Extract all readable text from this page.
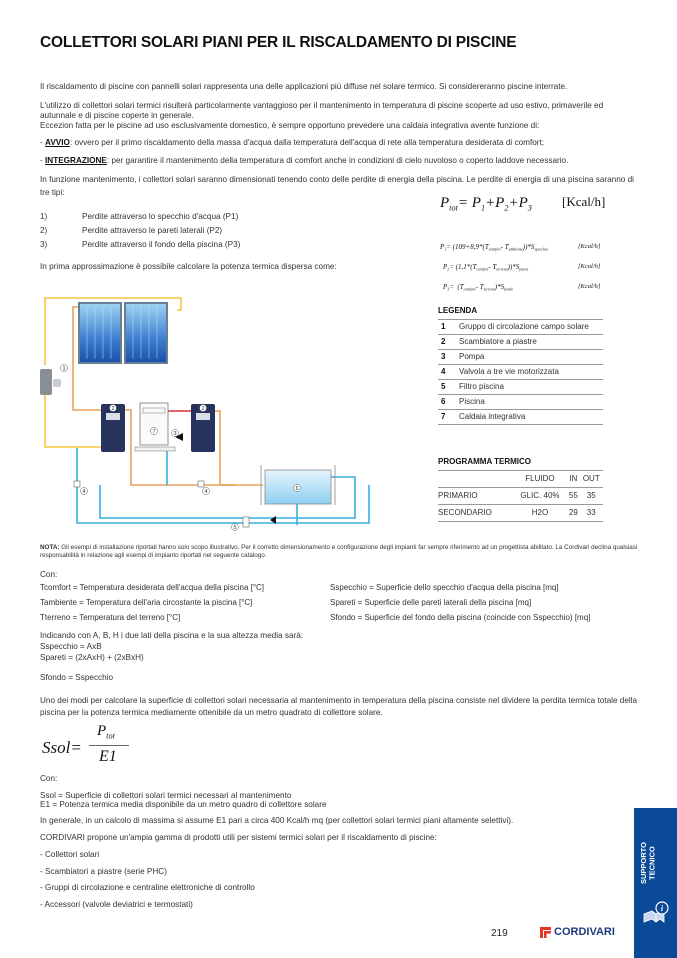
COLLETTORI SOLARI PIANI PER IL RISCALDAMENTO DI PISCINE
Il riscaldamento di piscine con pannelli solari rappresenta una delle applicazioni più diffuse nel solare termico. Si considereranno piscine interrate.
L'utilizzo di collettori solari termici risulterà particolarmente vantaggioso per il mantenimento in temperatura di piscine scoperte ad uso estivo, primaverile ed autunnale e di piscine coperte in generale.
Eccezion fatta per le piscine ad uso esclusivamente domestico, è sempre opportuno prevedere una caldaia integrativa avente funzione di:
- AVVIO: ovvero per il primo riscaldamento della massa d'acqua dalla temperatura dell'acqua di rete alla temperatura desiderata di comfort;
- INTEGRAZIONE: per garantire il mantenimento della temperatura di comfort anche in condizioni di cielo nuvoloso o coperto laddove necessario.
In funzione mantenimento, i collettori solari saranno dimensionati tenendo conto delle perdite di energia della piscina. Le perdite di energia di una piscina saranno di tre tipi:
1)	Perdite attraverso lo specchio d'acqua (P1)
2)	Perdite attraverso le pareti laterali (P2)
3)	Perdite attraverso il fondo della piscina (P3)
In prima approssimazione è possibile calcolare la potenza termica dispersa come:
$P_{tot}= P_1+P_2+P_3$ [Kcal/h]
$P_1= (109+8,9*(T_{comfort}-$ $T_{ambiente}))*S_{specchio}$	[Kcal/h]
$P_2= (1,1*(T_{comfort}-$ $T_{terreno}))*S_{pareti}$	[Kcal/h]
$P_3= (T_{comfort}-$ $T_{terreno})*S_{fondo}$	[Kcal/h]
1
2	2
3
4	4
5
6
7
LEGENDA
1	Gruppo di circolazione campo solare
2	Scambiatore a piastre
3	Pompa
4	Valvola a tre vie motorizzata
5	Filtro piscina
6	Piscina
7	Caldaia integrativa
PROGRAMMA TERMICO
	FLUIDO	IN	OUT
PRIMARIO	GLIC. 40%	55	35
SECONDARIO	H2O	29	33
NOTA: Gli esempi di installazione riportati hanno solo scopo illustrativo. Per il corretto dimensionamento e configurazione degli impianti far sempre riferimento ad un progettista abilitato. La Cordivari declina qualsiasi responsabilità in relazione agli esempi di impianto riportati nel seguente catalogo.
Con:
Tcomfort = Temperatura desiderata dell'acqua della piscina [°C]	Sspecchio = Superficie dello specchio d'acqua della piscina [mq]
Tambiente = Temperatura dell'aria circostante la piscina [°C]	Spareti = Superficie delle pareti laterali della piscina [mq]
Tterreno = Temperatura del terreno [°C]	Sfondo = Superficie del fondo della piscina (coincide con Sspecchio) [mq]
Indicando con A, B, H i due lati della piscina e la sua altezza media sarà:
Sspecchio = AxB
Spareti = (2xAxH) + (2xBxH)
Sfondo = Sspecchio
Uno dei modi per calcolare la superficie di collettori solari necessaria al mantenimento in temperatura della piscina consiste nel dividere la perdita termica totale della piscina per la potenza termica mediamente ottenibile da un metro quadrato di collettore solare.
Ssol=
$P_{tot}$
E1
Con:
Ssol = Superficie di collettori solari termici necessari al mantenimento
E1 = Potenza termica media disponibile da un metro quadro di collettore solare
In generale, in un calcolo di massima si assume E1 pari a circa 400 Kcal/h mq (per collettori solari termici piani altamente selettivi).
CORDIVARI propone un'ampia gamma di prodotti utili per sistemi termici solari per il riscaldamento di piscine:
- Collettori solari
- Scambiatori a piastre (serie PHC)
- Gruppi di circolazione e centraline elettroniche di controllo
- Accessori (valvole deviatrici e termostati)
SUPPORTO TECNICO
i
219	CORDIVARI
